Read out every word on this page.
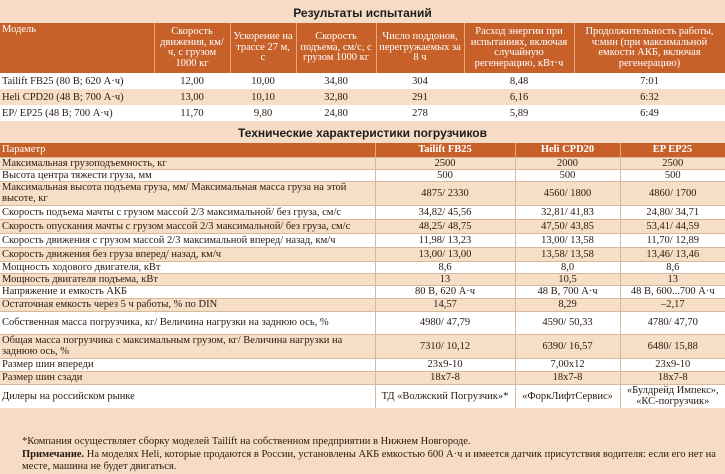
Результаты испытаний
Модель	Скорость движения, км/ч, с грузом 1000 кг	Ускорение на трассе 27 м, с	Скорость подъема, см/с, с грузом 1000 кг	Число поддонов, перегружаемых за 8 ч	Расход энергии при испытаниях, включая случайную регенерацию, кВт·ч	Продолжительность работы, ч:мин (при максимальной емкости АКБ, включая регенерацию)
Tailift FB25 (80 В; 620 А·ч)	12,00	10,00	34,80	304	8,48	7:01
Heli CPD20 (48 В; 700 А·ч)	13,00	10,10	32,80	291	6,16	6:32
EP/ EP25 (48 В; 700 А·ч)	11,70	9,80	24,80	278	5,89	6:49
Технические характеристики погрузчиков
Параметр	Tailift FB25	Heli CPD20	EP EP25
Максимальная грузоподъемность, кг	2500	2000	2500
Высота центра тяжести груза, мм	500	500	500
Максимальная высота подъема груза, мм/ Максимальная масса груза на этой высоте, кг	4875/ 2330	4560/ 1800	4860/ 1700
Скорость подъема мачты с грузом массой 2/3 максимальной/ без груза, см/с	34,82/ 45,56	32,81/ 41,83	24,80/ 34,71
Скорость опускания мачты с грузом массой 2/3 максимальной/ без груза, см/с	48,25/ 48,75	47,50/ 43,85	53,41/ 44,59
Скорость движения с грузом массой 2/3 максимальной вперед/ назад, км/ч	11,98/ 13,23	13,00/ 13,58	11,70/ 12,89
Скорость движения без груза вперед/ назад, км/ч	13,00/ 13,00	13,58/ 13,58	13,46/ 13,46
Мощность ходового двигателя, кВт	8,6	8,0	8,6
Мощность двигателя подъема, кВт	13	10,5	13
Напряжение и емкость АКБ	80 В, 620 А·ч	48 В, 700 А·ч	48 В, 600...700 А·ч
Остаточная емкость через 5 ч работы, % по DIN	14,57	8,29	–2,17
Собственная масса погрузчика, кг/ Величина нагрузки на заднюю ось, %	4980/ 47,79	4590/ 50,33	4780/ 47,70
Общая масса погрузчика с максимальным грузом, кг/ Величина нагрузки на заднюю ось, %	7310/ 10,12	6390/ 16,57	6480/ 15,88
Размер шин впереди	23x9-10	7,00x12	23x9-10
Размер шин сзади	18x7-8	18x7-8	18x7-8
Дилеры на российском рынке	ТД «Волжский Погрузчик»*	«ФоркЛифтСервис»	«Булдрейд Импекс», «КС-погрузчик»
*Компания осуществляет сборку моделей Tailift на собственном предприятии в Нижнем Новгороде.
Примечание. На моделях Heli, которые продаются в России, установлены АКБ емкостью 600 А·ч и имеется датчик присутствия водителя: если его нет на месте, машина не будет двигаться.
